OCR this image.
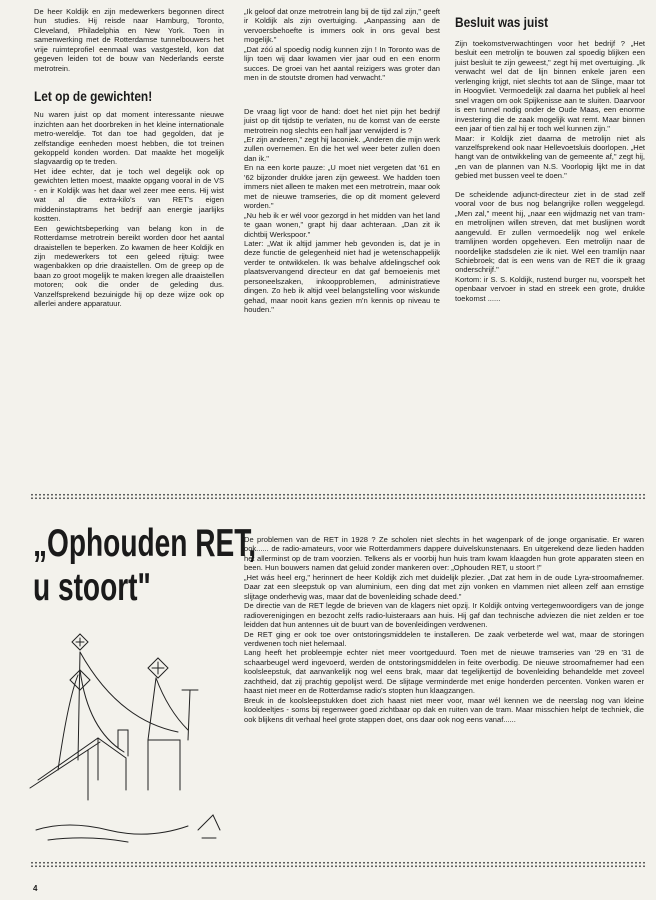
De heer Koldijk en zijn medewerkers begonnen direct hun studies. Hij reisde naar Hamburg, Toronto, Cleveland, Philadelphia en New York. Toen in samenwerking met de Rotterdamse tunnelbouwers het vrije ruimteprofiel eenmaal was vastgesteld, kon dat gegeven leiden tot de bouw van Nederlands eerste metrotrein.

Let op de gewichten!

Nu waren juist op dat moment interessante nieuwe inzichten aan het doorbreken in het kleine internationale metro-wereldje. Tot dan toe had gegolden, dat je zelfstandige eenheden moest hebben, die tot treinen gekoppeld konden worden. Dat maakte het mogelijk slagvaardig op te treden.

Het idee echter, dat je toch wel degelijk ook op gewichten letten moest, maakte opgang vooral in de VS - en ir Koldijk was het daar wel zeer mee eens. Hij wist wat al die extra-kilo's van RET's eigen middeninstaptrams het bedrijf aan energie jaarlijks kostten.

Een gewichtsbeperking van belang kon in de Rotterdamse metrotrein bereikt worden door het aantal draaistellen te beperken. Zo kwamen de heer Koldijk en zijn medewerkers tot een geleed rijtuig: twee wagenbakken op drie draaistellen. Om de greep op de baan zo groot mogelijk te maken kregen alle draaistellen motoren; ook die onder de geleding dus. Vanzelfsprekend bezuinigde hij op deze wijze ook op allerlei andere apparatuur.

„Ik geloof dat onze metrotrein lang bij de tijd zal zijn," geeft ir Koldijk als zijn overtuiging. „Aanpassing aan de vervoersbehoefte is immers ook in ons geval best mogelijk."

„Dat zóú al spoedig nodig kunnen zijn ! In Toronto was de lijn toen wij daar kwamen vier jaar oud en een enorm succes. De groei van het aantal reizigers was groter dan men in de stoutste dromen had verwacht."

De vraag ligt voor de hand: doet het niet pijn het bedrijf juist op dit tijdstip te verlaten, nu de komst van de eerste metrotrein nog slechts een half jaar verwijderd is ?

„Er zijn anderen," zegt hij laconiek. „Anderen die mijn werk zullen overnemen. En die het wel weer beter zullen doen dan ik."

En na een korte pauze: „U moet niet vergeten dat '61 en '62 bijzonder drukke jaren zijn geweest. We hadden toen immers niet alleen te maken met een metrotrein, maar ook met de nieuwe tramseries, die op dit moment geleverd worden."

„Nu heb ik er wél voor gezorgd in het midden van het land te gaan wonen," grapt hij daar achteraan. „Dan zit ik dichtbij Werkspoor."

Later: „Wat ik altijd jammer heb gevonden is, dat je in deze functie de gelegenheid niet had je wetenschappelijk verder te ontwikkelen. Ik was behalve afdelingschef ook plaatsvervangend directeur en dat gaf bemoeienis met personeelszaken, inkoopproblemen, administratieve dingen. Zo heb ik altijd veel belangstelling voor wiskunde gehad, maar nooit kans gezien m'n kennis op niveau te houden."

Besluit was juist

Zijn toekomstverwachtingen voor het bedrijf ? „Het besluit een metrolijn te bouwen zal spoedig blijken een juist besluit te zijn geweest," zegt hij met overtuiging. „Ik verwacht wel dat de lijn binnen enkele jaren een verlenging krijgt, niet slechts tot aan de Slinge, maar tot in Hoogvliet. Vermoedelijk zal daarna het publiek al heel snel vragen om ook Spijkenisse aan te sluiten. Daarvoor is een tunnel nodig onder de Oude Maas, een enorme investering die de zaak mogelijk wat remt. Maar binnen een jaar of tien zal hij er toch wel kunnen zijn."

Maar: ir Koldijk ziet daarna de metrolijn niet als vanzelfsprekend ook naar Hellevoetsluis doorlopen. „Het hangt van de ontwikkeling van de gemeente af," zegt hij, „en van de plannen van N.S. Voorlopig lijkt me in dat gebied met bussen veel te doen."

De scheidende adjunct-directeur ziet in de stad zelf vooral voor de bus nog belangrijke rollen weggelegd. „Men zal," meent hij, „naar een wijdmazig net van tram- en metrolijnen willen streven, dat met buslijnen wordt aangevuld. Er zullen vermoedelijk nog wel enkele tramlijnen worden opgeheven. Een metrolijn naar de noordelijke stadsdelen zie ik niet. Wel een tramlijn naar Schiebroek; dat is een wens van de RET die ik graag onderschrijf."

Kortom: ir S. S. Koldijk, rustend burger nu, voorspelt het openbaar vervoer in stad en streek een grote, drukke toekomst ......

„Ophouden RET,
u stoort"

De problemen van de RET in 1928 ? Ze scholen niet slechts in het wagenpark of de jonge organisatie. Er waren ook...... de radio-amateurs, voor wie Rotterdammers dappere duivelskunstenaars. En uitgerekend deze lieden hadden het allerminst op de tram voorzien. Telkens als er voorbij hun huis tram kwam klaagden hun grote apparaten steen en been. Hun bouwers namen dat geluid zonder mankeren over: „Ophouden RET, u stoort !"

„Het wás heel erg," herinnert de heer Koldijk zich met duidelijk plezier. „Dat zat hem in de oude Lyra-stroomafnemer. Daar zat een sleepstuk op van aluminium, een ding dat met zijn vonken en vlammen niet alleen zelf aan ernstige slijtage onderhevig was, maar dat de bovenleiding schade deed."

De directie van de RET legde de brieven van de klagers niet opzij. Ir Koldijk ontving vertegenwoordigers van de jonge radioverenigingen en bezocht zelfs radio-luisteraars aan huis. Hij gaf dan technische adviezen die niet zelden er toe leidden dat hun antennes uit de buurt van de bovenleidingen verdwenen.

De RET ging er ook toe over ontstoringsmiddelen te installeren. De zaak verbeterde wel wat, maar de storingen verdwenen toch niet helemaal.

Lang heeft het probleempje echter niet meer voortgeduurd. Toen met de nieuwe tramseries van '29 en '31 de schaarbeugel werd ingevoerd, werden de ontstoringsmiddelen in feite overbodig. De nieuwe stroomafnemer had een koolsleepstuk, dat aanvankelijk nog wel eens brak, maar dat tegelijkertijd de bovenleiding behandelde met zoveel zachtheid, dat zij prachtig gepolijst werd. De slijtage verminderde met enige honderden percenten. Vonken waren er haast niet meer en de Rotterdamse radio's stopten hun klaagzangen.

Breuk in de koolsleepstukken doet zich haast niet meer voor, maar wél kennen we de neerslag nog van kleine kooldeeltjes - soms bij regenweer goed zichtbaar op dak en ruiten van de tram. Maar misschien helpt de techniek, die ook blijkens dit verhaal heel grote stappen doet, ons daar ook nog eens vanaf......

4
